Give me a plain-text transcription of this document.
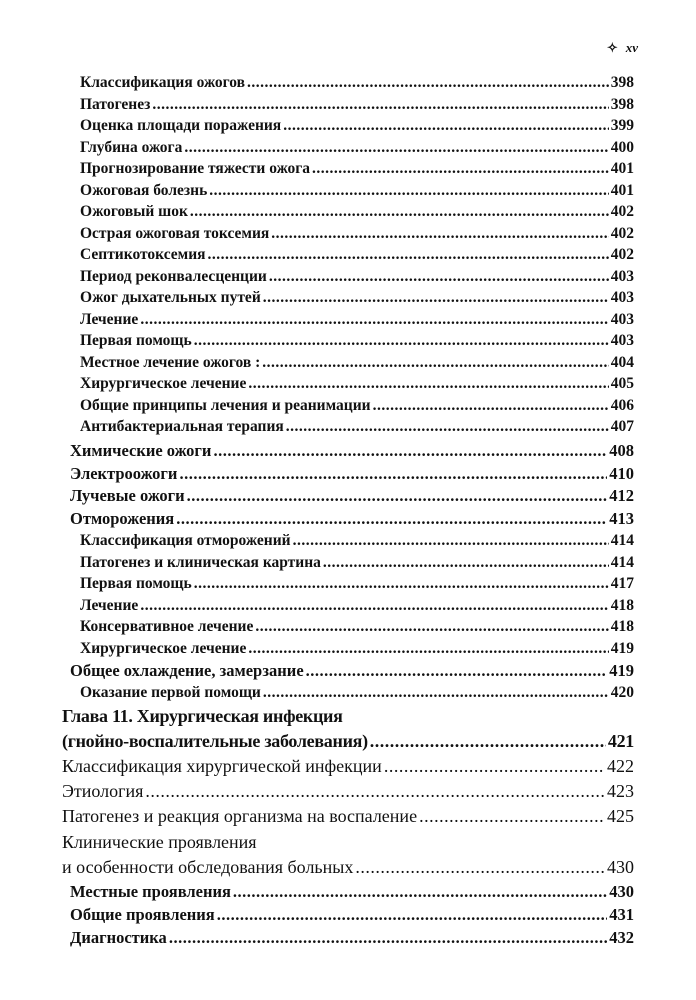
✧ xv
Классификация ожогов .....	398
Патогенез .....	398
Оценка площади поражения .....	399
Глубина ожога .....	400
Прогнозирование тяжести ожога .....	401
Ожоговая болезнь .....	401
Ожоговый шок .....	402
Острая ожоговая токсемия .....	402
Септикотоксемия .....	402
Период реконвалесценции .....	403
Ожог дыхательных путей .....	403
Лечение .....	403
Первая помощь .....	403
Местное лечение ожогов : .....	404
Хирургическое лечение .....	405
Общие принципы лечения и реанимации .....	406
Антибактериальная терапия .....	407
Химические ожоги .....	408
Электроожоги .....	410
Лучевые ожоги .....	412
Отморожения .....	413
Классификация отморожений .....	414
Патогенез и клиническая картина .....	414
Первая помощь .....	417
Лечение .....	418
Консервативное лечение .....	418
Хирургическое лечение .....	419
Общее охлаждение, замерзание .....	419
Оказание первой помощи .....	420
Глава 11. Хирургическая инфекция
(гнойно-воспалительные заболевания) .....	421
Классификация хирургической инфекции .....	422
Этиология .....	423
Патогенез и реакция организма на воспаление .....	425
Клинические проявления
и особенности обследования больных .....	430
Местные проявления .....	430
Общие проявления .....	431
Диагностика .....	432
